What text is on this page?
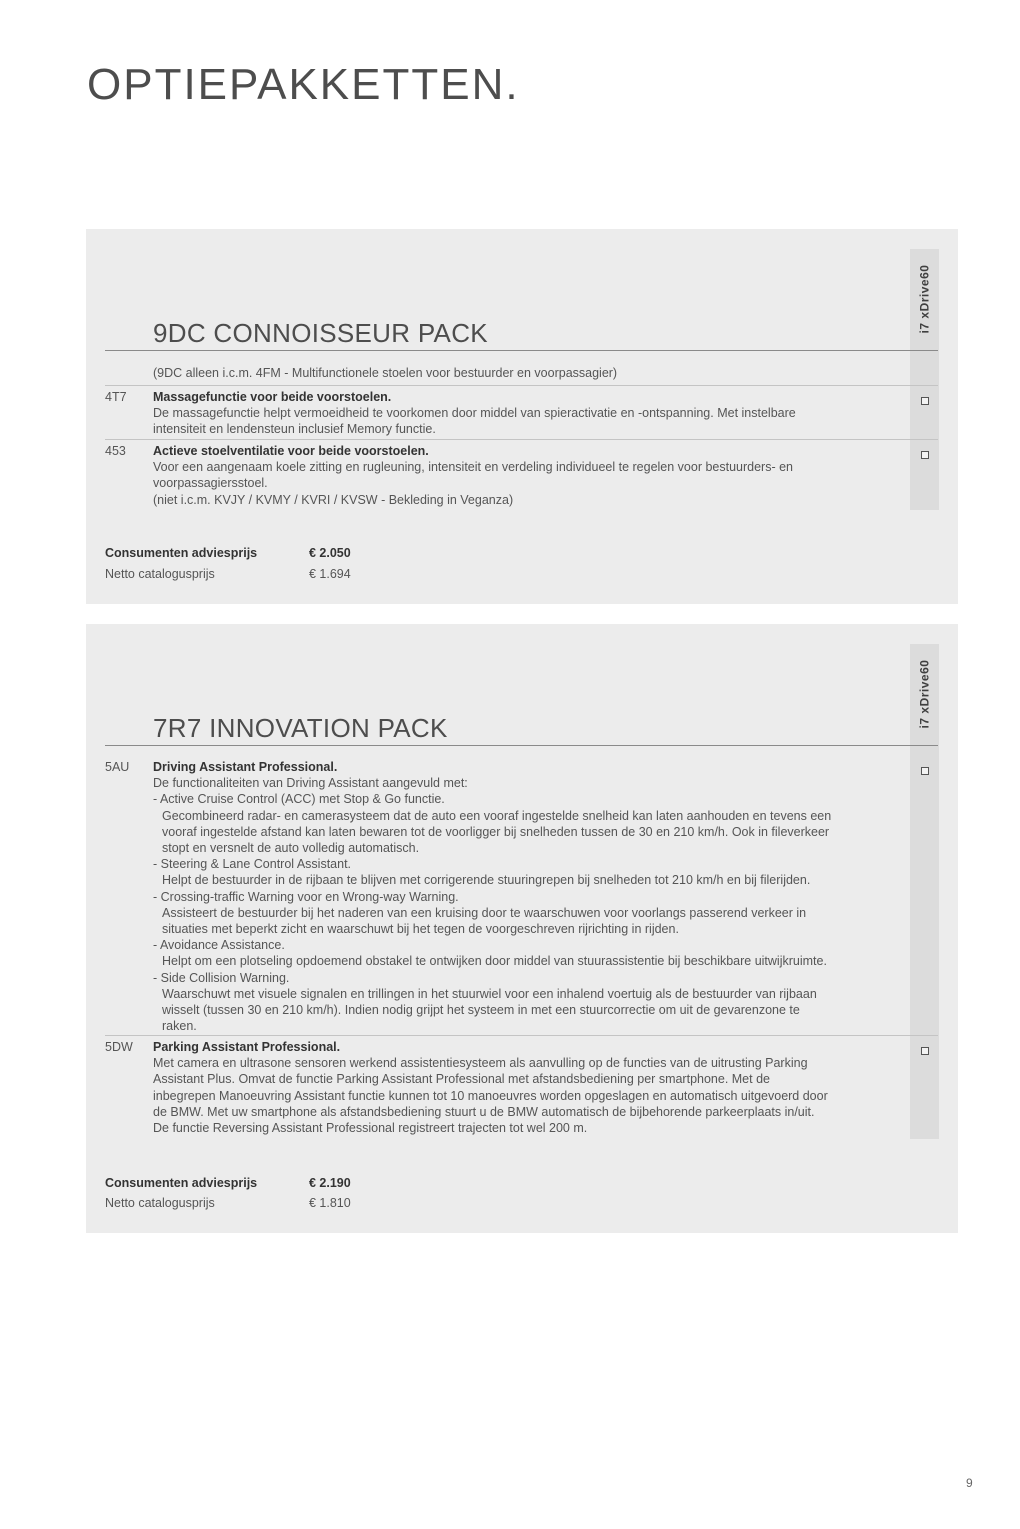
OPTIEPAKKETTEN.
i7 xDrive60
9DC CONNOISSEUR PACK
(9DC alleen i.c.m. 4FM - Multifunctionele stoelen voor bestuurder en voorpassagier)
4T7	Massagefunctie voor beide voorstoelen.
De massagefunctie helpt vermoeidheid te voorkomen door middel van spieractivatie en -ontspanning. Met instelbare
intensiteit en lendensteun inclusief Memory functie.
453	Actieve stoelventilatie voor beide voorstoelen.
Voor een aangenaam koele zitting en rugleuning, intensiteit en verdeling individueel te regelen voor bestuurders- en
voorpassagiersstoel.
(niet i.c.m. KVJY / KVMY / KVRI / KVSW - Bekleding in Veganza)
Consumenten adviesprijs	€ 2.050
Netto catalogusprijs	€ 1.694
i7 xDrive60
7R7 INNOVATION PACK
5AU	Driving Assistant Professional.
De functionaliteiten van Driving Assistant aangevuld met:
- Active Cruise Control (ACC) met Stop & Go functie.
Gecombineerd radar- en camerasysteem dat de auto een vooraf ingestelde snelheid kan laten aanhouden en tevens een
vooraf ingestelde afstand kan laten bewaren tot de voorligger bij snelheden tussen de 30 en 210 km/h. Ook in fileverkeer
stopt en versnelt de auto volledig automatisch.
- Steering & Lane Control Assistant.
Helpt de bestuurder in de rijbaan te blijven met corrigerende stuuringrepen bij snelheden tot 210 km/h en bij filerijden.
- Crossing-traffic Warning voor en Wrong-way Warning.
Assisteert de bestuurder bij het naderen van een kruising door te waarschuwen voor voorlangs passerend verkeer in
situaties met beperkt zicht en waarschuwt bij het tegen de voorgeschreven rijrichting in rijden.
- Avoidance Assistance.
Helpt om een plotseling opdoemend obstakel te ontwijken door middel van stuurassistentie bij beschikbare uitwijkruimte.
- Side Collision Warning.
Waarschuwt met visuele signalen en trillingen in het stuurwiel voor een inhalend voertuig als de bestuurder van rijbaan
wisselt (tussen 30 en 210 km/h). Indien nodig grijpt het systeem in met een stuurcorrectie om uit de gevarenzone te
raken.
5DW	Parking Assistant Professional.
Met camera en ultrasone sensoren werkend assistentiesysteem als aanvulling op de functies van de uitrusting Parking
Assistant Plus. Omvat de functie Parking Assistant Professional met afstandsbediening per smartphone. Met de
inbegrepen Manoeuvring Assistant functie kunnen tot 10 manoeuvres worden opgeslagen en automatisch uitgevoerd door
de BMW. Met uw smartphone als afstandsbediening stuurt u de BMW automatisch de bijbehorende parkeerplaats in/uit.
De functie Reversing Assistant Professional registreert trajecten tot wel 200 m.
Consumenten adviesprijs	€ 2.190
Netto catalogusprijs	€ 1.810
9
